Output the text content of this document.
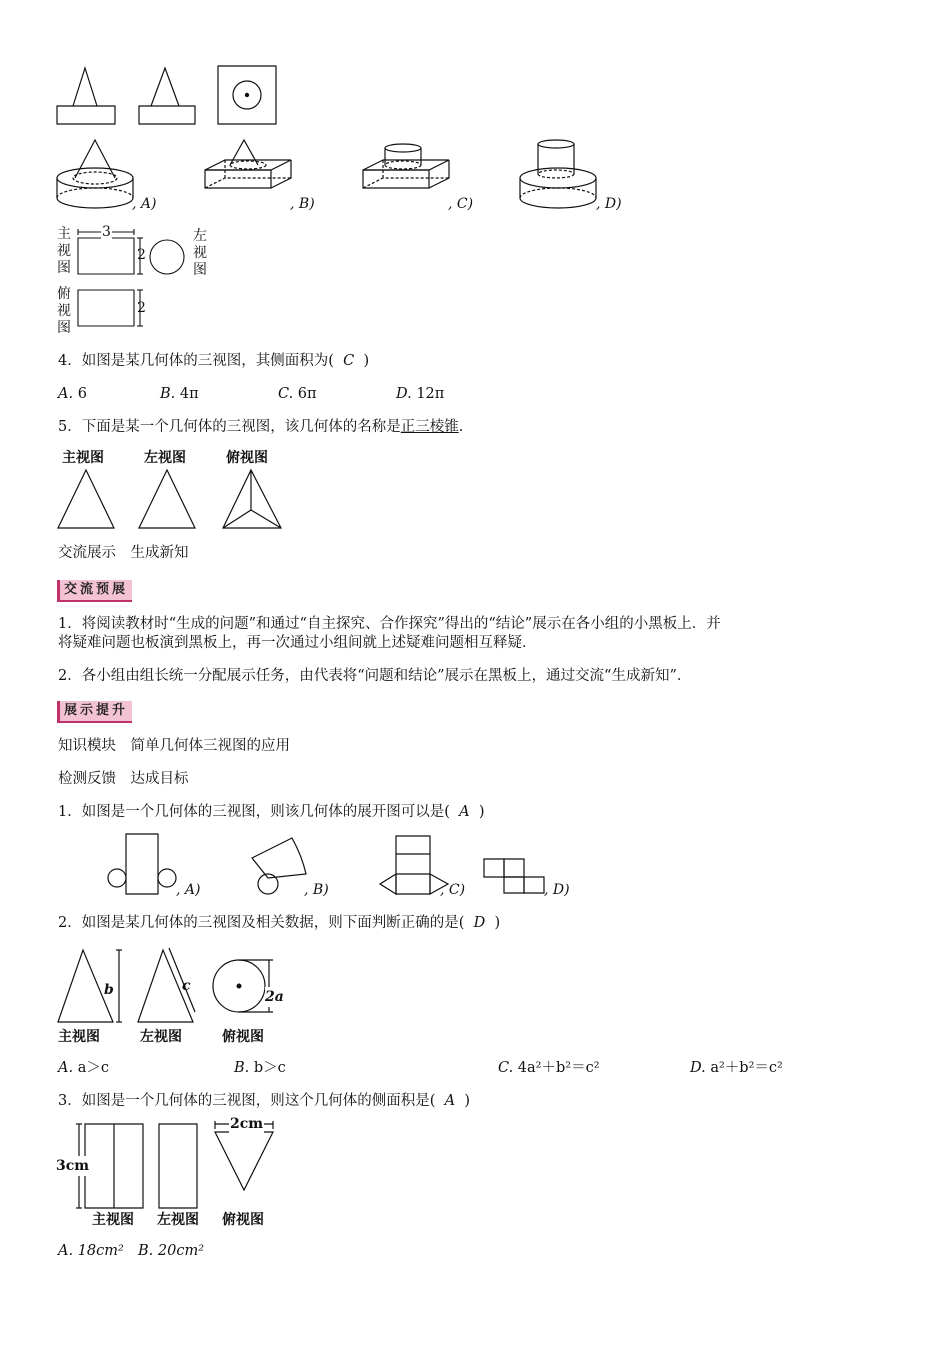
, A)	, B)	, C)	, D)
主
视
图
左
视
图
俯
视
图
3
2
2
4．如图是某几何体的三视图，其侧面积为( C )
A. 6	B. 4π	C. 6π	D. 12π
5．下面是某一个几何体的三视图，该几何体的名称是正三棱锥.
主视图	左视图	俯视图
交流展示　生成新知
交流预展
1．将阅读教材时“生成的问题”和通过“自主探究、合作探究”得出的“结论”展示在各小组的小黑板上．并
将疑难问题也板演到黑板上，再一次通过小组间就上述疑难问题相互释疑．
2．各小组由组长统一分配展示任务，由代表将“问题和结论”展示在黑板上，通过交流“生成新知”．
展示提升
知识模块　简单几何体三视图的应用
检测反馈　达成目标
1．如图是一个几何体的三视图，则该几何体的展开图可以是( A )
, A)	, B)	, C)	, D)
2．如图是某几何体的三视图及相关数据，则下面判断正确的是( D )
b	c
2a
主视图	左视图	俯视图
A. a＞c	B. b＞c	C. 4a²＋b²＝c²	D. a²＋b²＝c²
3．如图是一个几何体的三视图，则这个几何体的侧面积是( A )
3cm
2cm
主视图 左视图 俯视图
A. 18cm² B. 20cm²
